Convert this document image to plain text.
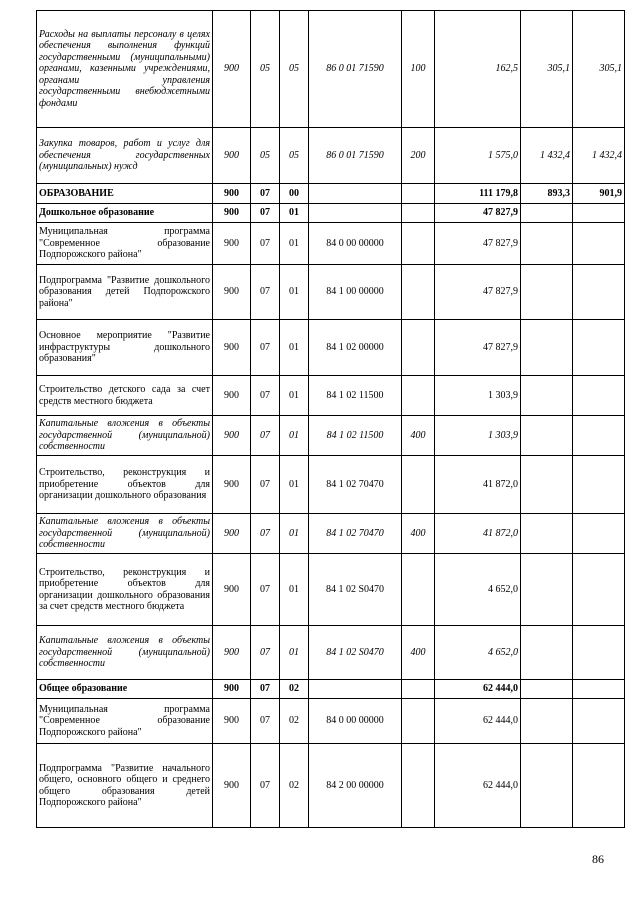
Расходы на выплаты персоналу в целях обеспечения выполнения функций государственными (муниципальными) органами, казенными учреждениями, органами управления государственными внебюджетными фондами	900	05	05	86 0 01 71590	100	162,5	305,1	305,1
Закупка товаров, работ и услуг для обеспечения государственных (муниципальных) нужд	900	05	05	86 0 01 71590	200	1 575,0	1 432,4	1 432,4
ОБРАЗОВАНИЕ	900	07	00			111 179,8	893,3	901,9
Дошкольное образование	900	07	01			47 827,9		
Муниципальная программа "Современное образование Подпорожского района"	900	07	01	84 0 00 00000		47 827,9		
Подпрограмма "Развитие дошкольного образования детей Подпорожского района"	900	07	01	84 1 00 00000		47 827,9		
Основное мероприятие "Развитие инфраструктуры дошкольного образования"	900	07	01	84 1 02 00000		47 827,9		
Строительство детского сада за счет средств местного бюджета	900	07	01	84 1 02 11500		1 303,9		
Капитальные вложения в объекты государственной (муниципальной) собственности	900	07	01	84 1 02 11500	400	1 303,9		
Строительство, реконструкция и приобретение объектов для организации дошкольного образования	900	07	01	84 1 02 70470		41 872,0		
Капитальные вложения в объекты государственной (муниципальной) собственности	900	07	01	84 1 02 70470	400	41 872,0		
Строительство, реконструкция и приобретение объектов для организации дошкольного образования за счет средств местного бюджета	900	07	01	84 1 02 S0470		4 652,0		
Капитальные вложения в объекты государственной (муниципальной) собственности	900	07	01	84 1 02 S0470	400	4 652,0		
Общее образование	900	07	02			62 444,0		
Муниципальная программа "Современное образование Подпорожского района"	900	07	02	84 0 00 00000		62 444,0		
Подпрограмма "Развитие начального общего, основного общего и среднего общего образования детей Подпорожского района"	900	07	02	84 2 00 00000		62 444,0		
86
